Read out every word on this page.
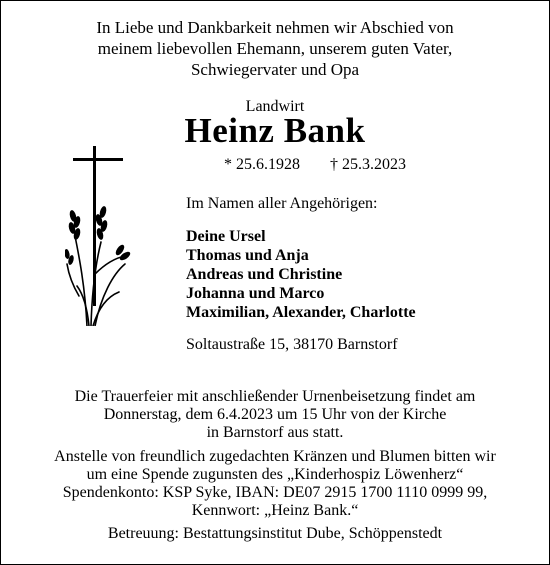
In Liebe und Dankbarkeit nehmen wir Abschied von
meinem liebevollen Ehemann, unserem guten Vater,
Schwiegervater und Opa
Landwirt
Heinz Bank
* 25.6.1928 † 25.3.2023
Im Namen aller Angehörigen:
Deine Ursel
Thomas und Anja
Andreas und Christine
Johanna und Marco
Maximilian, Alexander, Charlotte
Soltaustraße 15, 38170 Barnstorf
Die Trauerfeier mit anschließender Urnenbeisetzung findet am
Donnerstag, dem 6.4.2023 um 15 Uhr von der Kirche
in Barnstorf aus statt.
Anstelle von freundlich zugedachten Kränzen und Blumen bitten wir
um eine Spende zugunsten des „Kinderhospiz Löwenherz“
Spendenkonto: KSP Syke, IBAN: DE07 2915 1700 1110 0999 99,
Kennwort: „Heinz Bank.“
Betreuung: Bestattungsinstitut Dube, Schöppenstedt
